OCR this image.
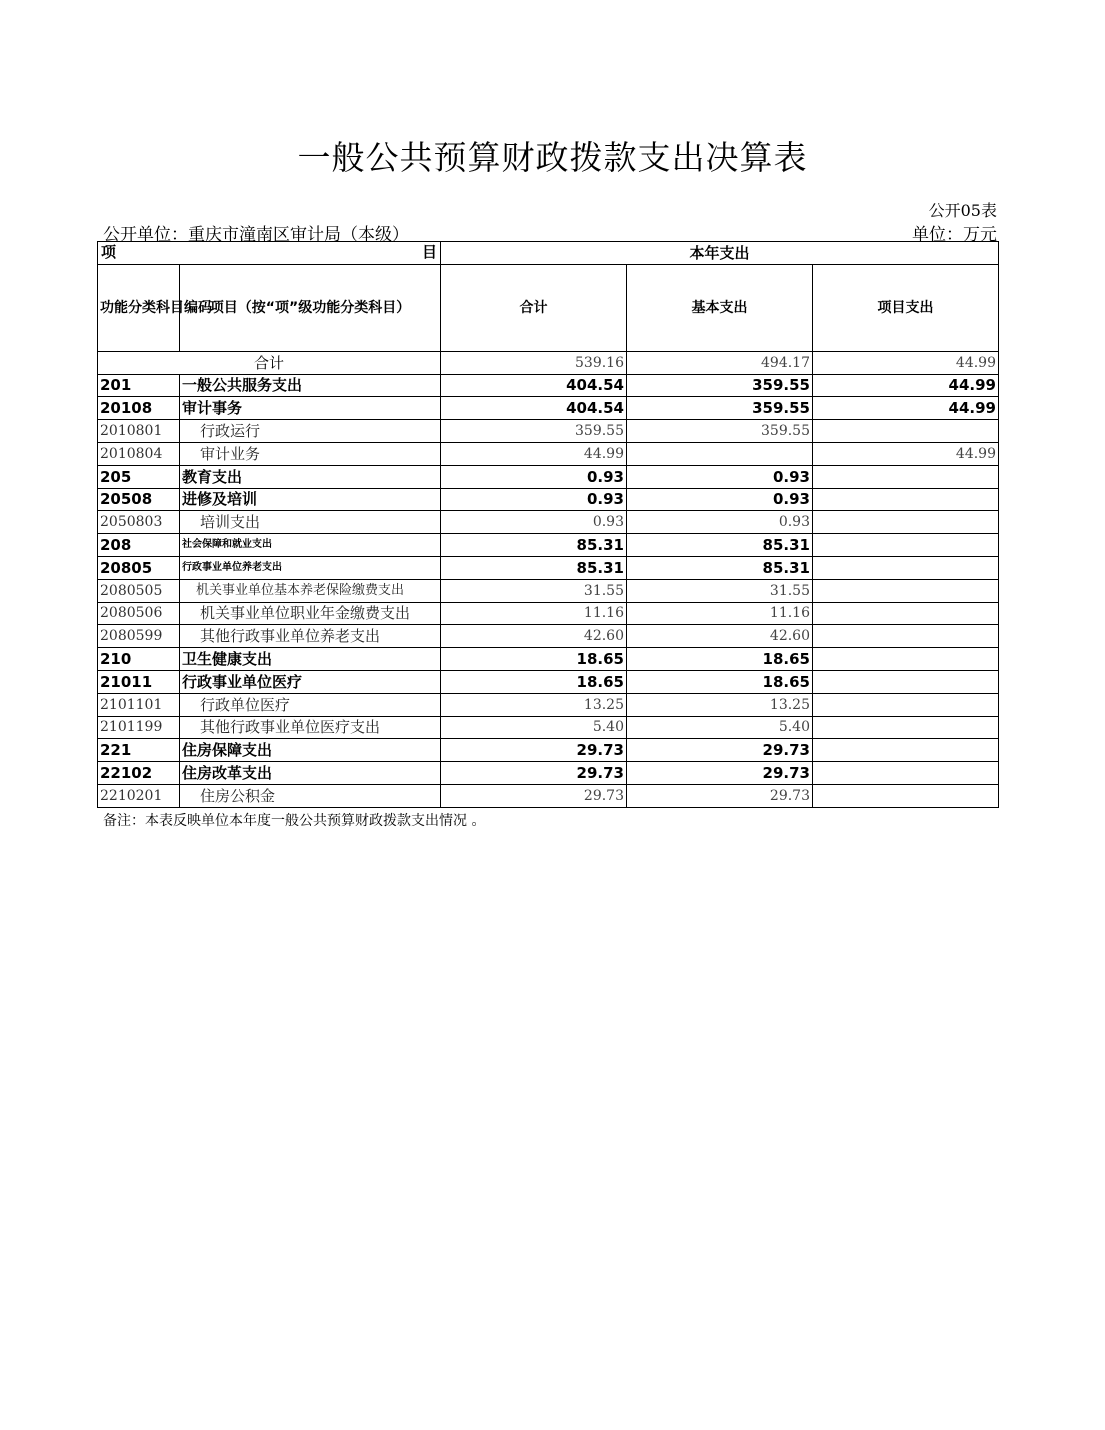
一般公共预算财政拨款支出决算表
公开05表
公开单位：重庆市潼南区审计局（本级）	单位：万元
项 目		本年支出		
功能分类科目编码	项目（按“项”级功能分类科目）	合计	基本支出	项目支出
合计		539.16	494.17	44.99
201	一般公共服务支出	404.54	359.55	44.99
20108	审计事务	404.54	359.55	44.99
2010801	行政运行	359.55	359.55	
2010804	审计业务	44.99		44.99
205	教育支出	0.93	0.93	
20508	进修及培训	0.93	0.93	
2050803	培训支出	0.93	0.93	
208	社会保障和就业支出	85.31	85.31	
20805	行政事业单位养老支出	85.31	85.31	
2080505	机关事业单位基本养老保险缴费支出	31.55	31.55	
2080506	机关事业单位职业年金缴费支出	11.16	11.16	
2080599	其他行政事业单位养老支出	42.60	42.60	
210	卫生健康支出	18.65	18.65	
21011	行政事业单位医疗	18.65	18.65	
2101101	行政单位医疗	13.25	13.25	
2101199	其他行政事业单位医疗支出	5.40	5.40	
221	住房保障支出	29.73	29.73	
22102	住房改革支出	29.73	29.73	
2210201	住房公积金	29.73	29.73	
备注：本表反映单位本年度一般公共预算财政拨款支出情况 。
